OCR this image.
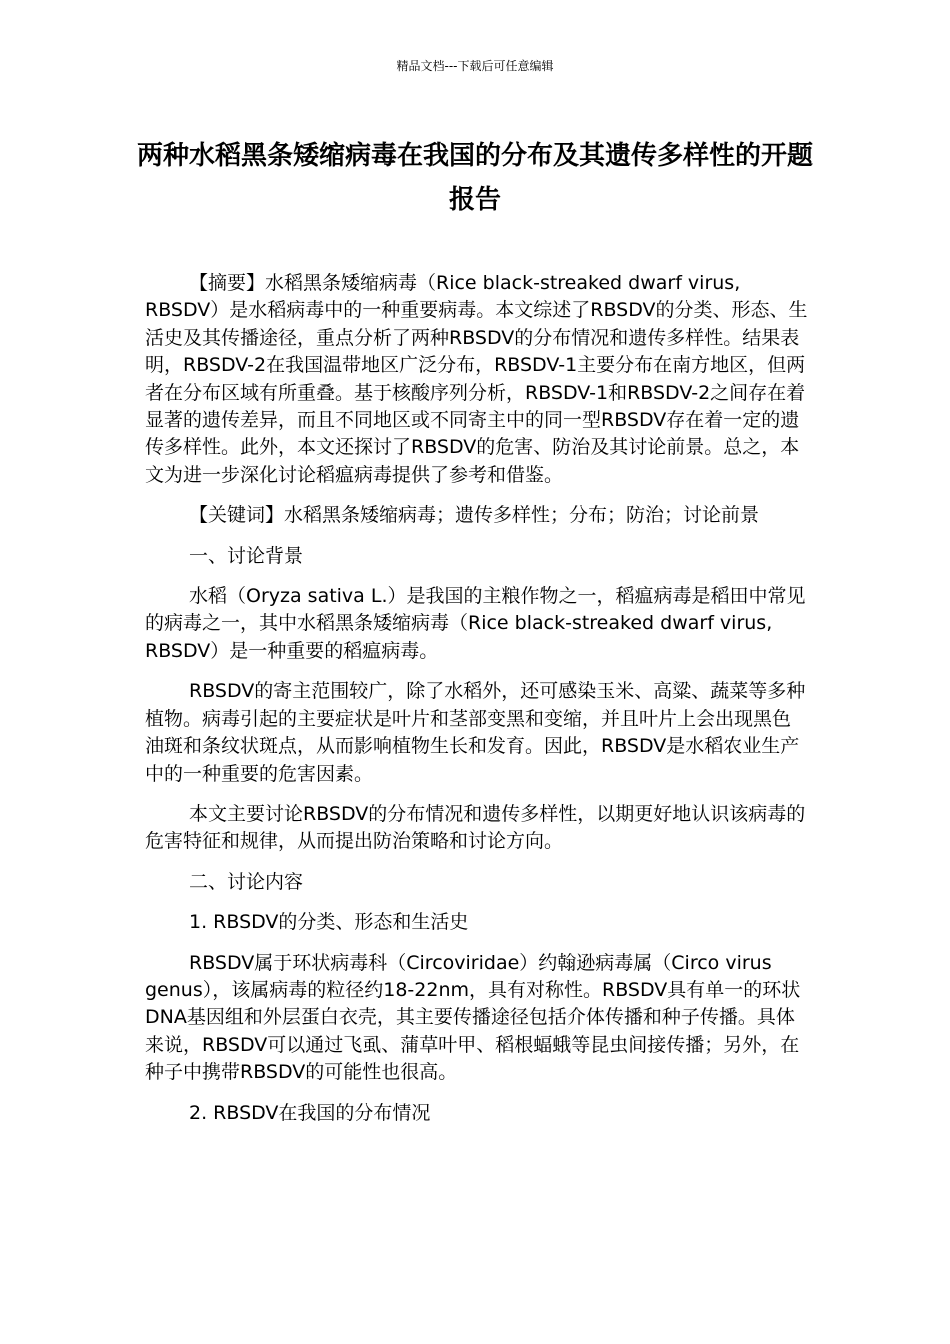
精品文档---下载后可任意编辑
两种水稻黑条矮缩病毒在我国的分布及其遗传多样性的开题报告

【摘要】水稻黑条矮缩病毒（Rice black-streaked dwarf virus, RBSDV）是水稻病毒中的一种重要病毒。本文综述了RBSDV的分类、形态、生活史及其传播途径，重点分析了两种RBSDV的分布情况和遗传多样性。结果表明，RBSDV-2在我国温带地区广泛分布，RBSDV-1主要分布在南方地区，但两者在分布区域有所重叠。基于核酸序列分析，RBSDV-1和RBSDV-2之间存在着显著的遗传差异，而且不同地区或不同寄主中的同一型RBSDV存在着一定的遗传多样性。此外，本文还探讨了RBSDV的危害、防治及其讨论前景。总之，本文为进一步深化讨论稻瘟病毒提供了参考和借鉴。

【关键词】水稻黑条矮缩病毒；遗传多样性；分布；防治；讨论前景

一、讨论背景

水稻（Oryza sativa L.）是我国的主粮作物之一，稻瘟病毒是稻田中常见的病毒之一，其中水稻黑条矮缩病毒（Rice black-streaked dwarf virus, RBSDV）是一种重要的稻瘟病毒。

RBSDV的寄主范围较广，除了水稻外，还可感染玉米、高粱、蔬菜等多种植物。病毒引起的主要症状是叶片和茎部变黑和变缩，并且叶片上会出现黑色油斑和条纹状斑点，从而影响植物生长和发育。因此，RBSDV是水稻农业生产中的一种重要的危害因素。

本文主要讨论RBSDV的分布情况和遗传多样性，以期更好地认识该病毒的危害特征和规律，从而提出防治策略和讨论方向。

二、讨论内容

1. RBSDV的分类、形态和生活史

RBSDV属于环状病毒科（Circoviridae）约翰逊病毒属（Circo virus genus），该属病毒的粒径约18-22nm，具有对称性。RBSDV具有单一的环状DNA基因组和外层蛋白衣壳，其主要传播途径包括介体传播和种子传播。具体来说，RBSDV可以通过飞虱、蒲草叶甲、稻根蝠蛾等昆虫间接传播；另外，在种子中携带RBSDV的可能性也很高。

2. RBSDV在我国的分布情况
